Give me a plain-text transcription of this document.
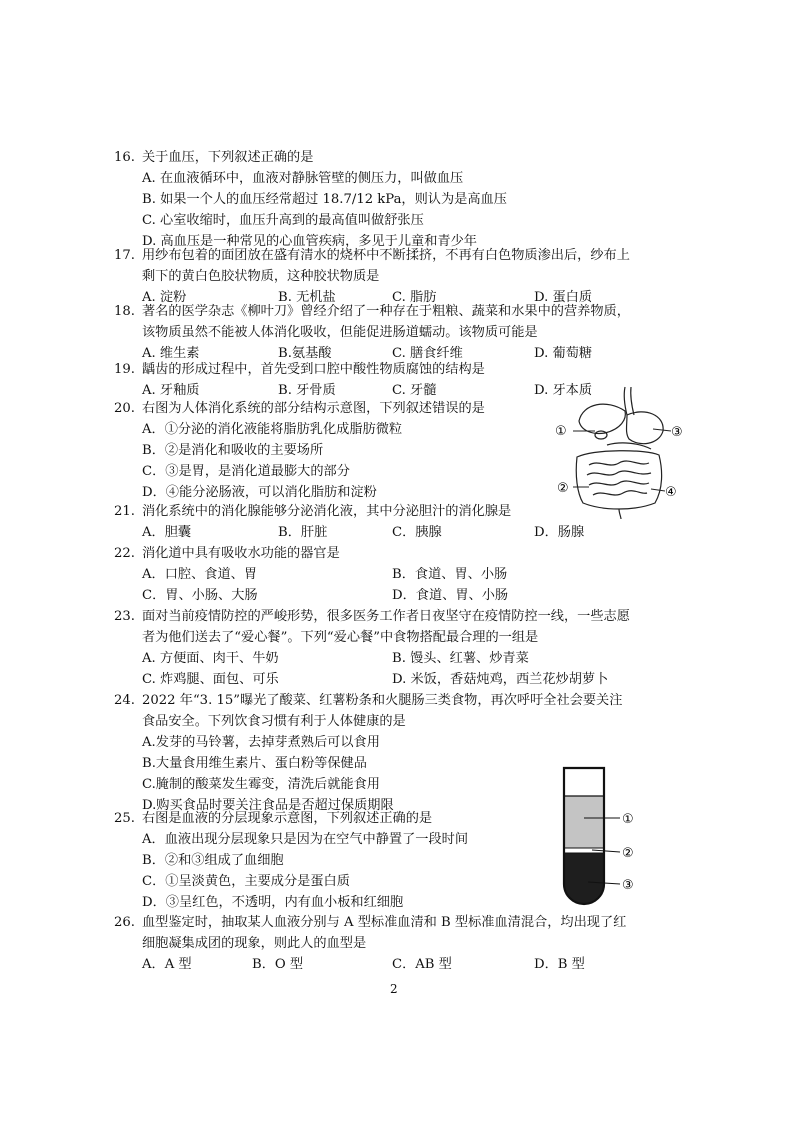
16. 关于血压，下列叙述正确的是
A. 在血液循环中，血液对静脉管壁的侧压力，叫做血压
B. 如果一个人的血压经常超过 18.7/12 kPa，则认为是高血压
C. 心室收缩时，血压升高到的最高值叫做舒张压
D. 高血压是一种常见的心血管疾病，多见于儿童和青少年
17. 用纱布包着的面团放在盛有清水的烧杯中不断揉挤，不再有白色物质渗出后，纱布上
剩下的黄白色胶状物质，这种胶状物质是
A. 淀粉	B. 无机盐	C. 脂肪	D. 蛋白质
18. 著名的医学杂志《柳叶刀》曾经介绍了一种存在于粗粮、蔬菜和水果中的营养物质，
该物质虽然不能被人体消化吸收，但能促进肠道蠕动。该物质可能是
A. 维生素	B.氨基酸	C. 膳食纤维	D. 葡萄糖
19. 龋齿的形成过程中，首先受到口腔中酸性物质腐蚀的结构是
A. 牙釉质	B. 牙骨质	C. 牙髓	D. 牙本质
20. 右图为人体消化系统的部分结构示意图，下列叙述错误的是
A．①分泌的消化液能将脂肪乳化成脂肪微粒
B．②是消化和吸收的主要场所
C．③是胃，是消化道最膨大的部分
D．④能分泌肠液，可以消化脂肪和淀粉
21. 消化系统中的消化腺能够分泌消化液，其中分泌胆汁的消化腺是
A．胆囊	B．肝脏	C．胰腺	D．肠腺
22. 消化道中具有吸收水功能的器官是
A．口腔、食道、胃	B．食道、胃、小肠
C．胃、小肠、大肠	D．食道、胃、小肠
23. 面对当前疫情防控的严峻形势，很多医务工作者日夜坚守在疫情防控一线，一些志愿
者为他们送去了“爱心餐”。下列“爱心餐”中食物搭配最合理的一组是
A. 方便面、肉干、牛奶	B. 馒头、红薯、炒青菜
C. 炸鸡腿、面包、可乐	D. 米饭，香菇炖鸡，西兰花炒胡萝卜
24. 2022 年“3. 15”曝光了酸菜、红薯粉条和火腿肠三类食物，再次呼吁全社会要关注
食品安全。下列饮食习惯有利于人体健康的是
A.发芽的马铃薯，去掉芽煮熟后可以食用
B.大量食用维生素片、蛋白粉等保健品
C.腌制的酸菜发生霉变，清洗后就能食用
D.购买食品时要关注食品是否超过保质期限
25. 右图是血液的分层现象示意图，下列叙述正确的是
A．血液出现分层现象只是因为在空气中静置了一段时间
B．②和③组成了血细胞
C．①呈淡黄色，主要成分是蛋白质
D．③呈红色，不透明，内有血小板和红细胞
26. 血型鉴定时，抽取某人血液分别与 A 型标准血清和 B 型标准血清混合，均出现了红
细胞凝集成团的现象，则此人的血型是
A．A 型	B．O 型	C．AB 型	D．B 型
①	③
②	④
①
②
③
2
